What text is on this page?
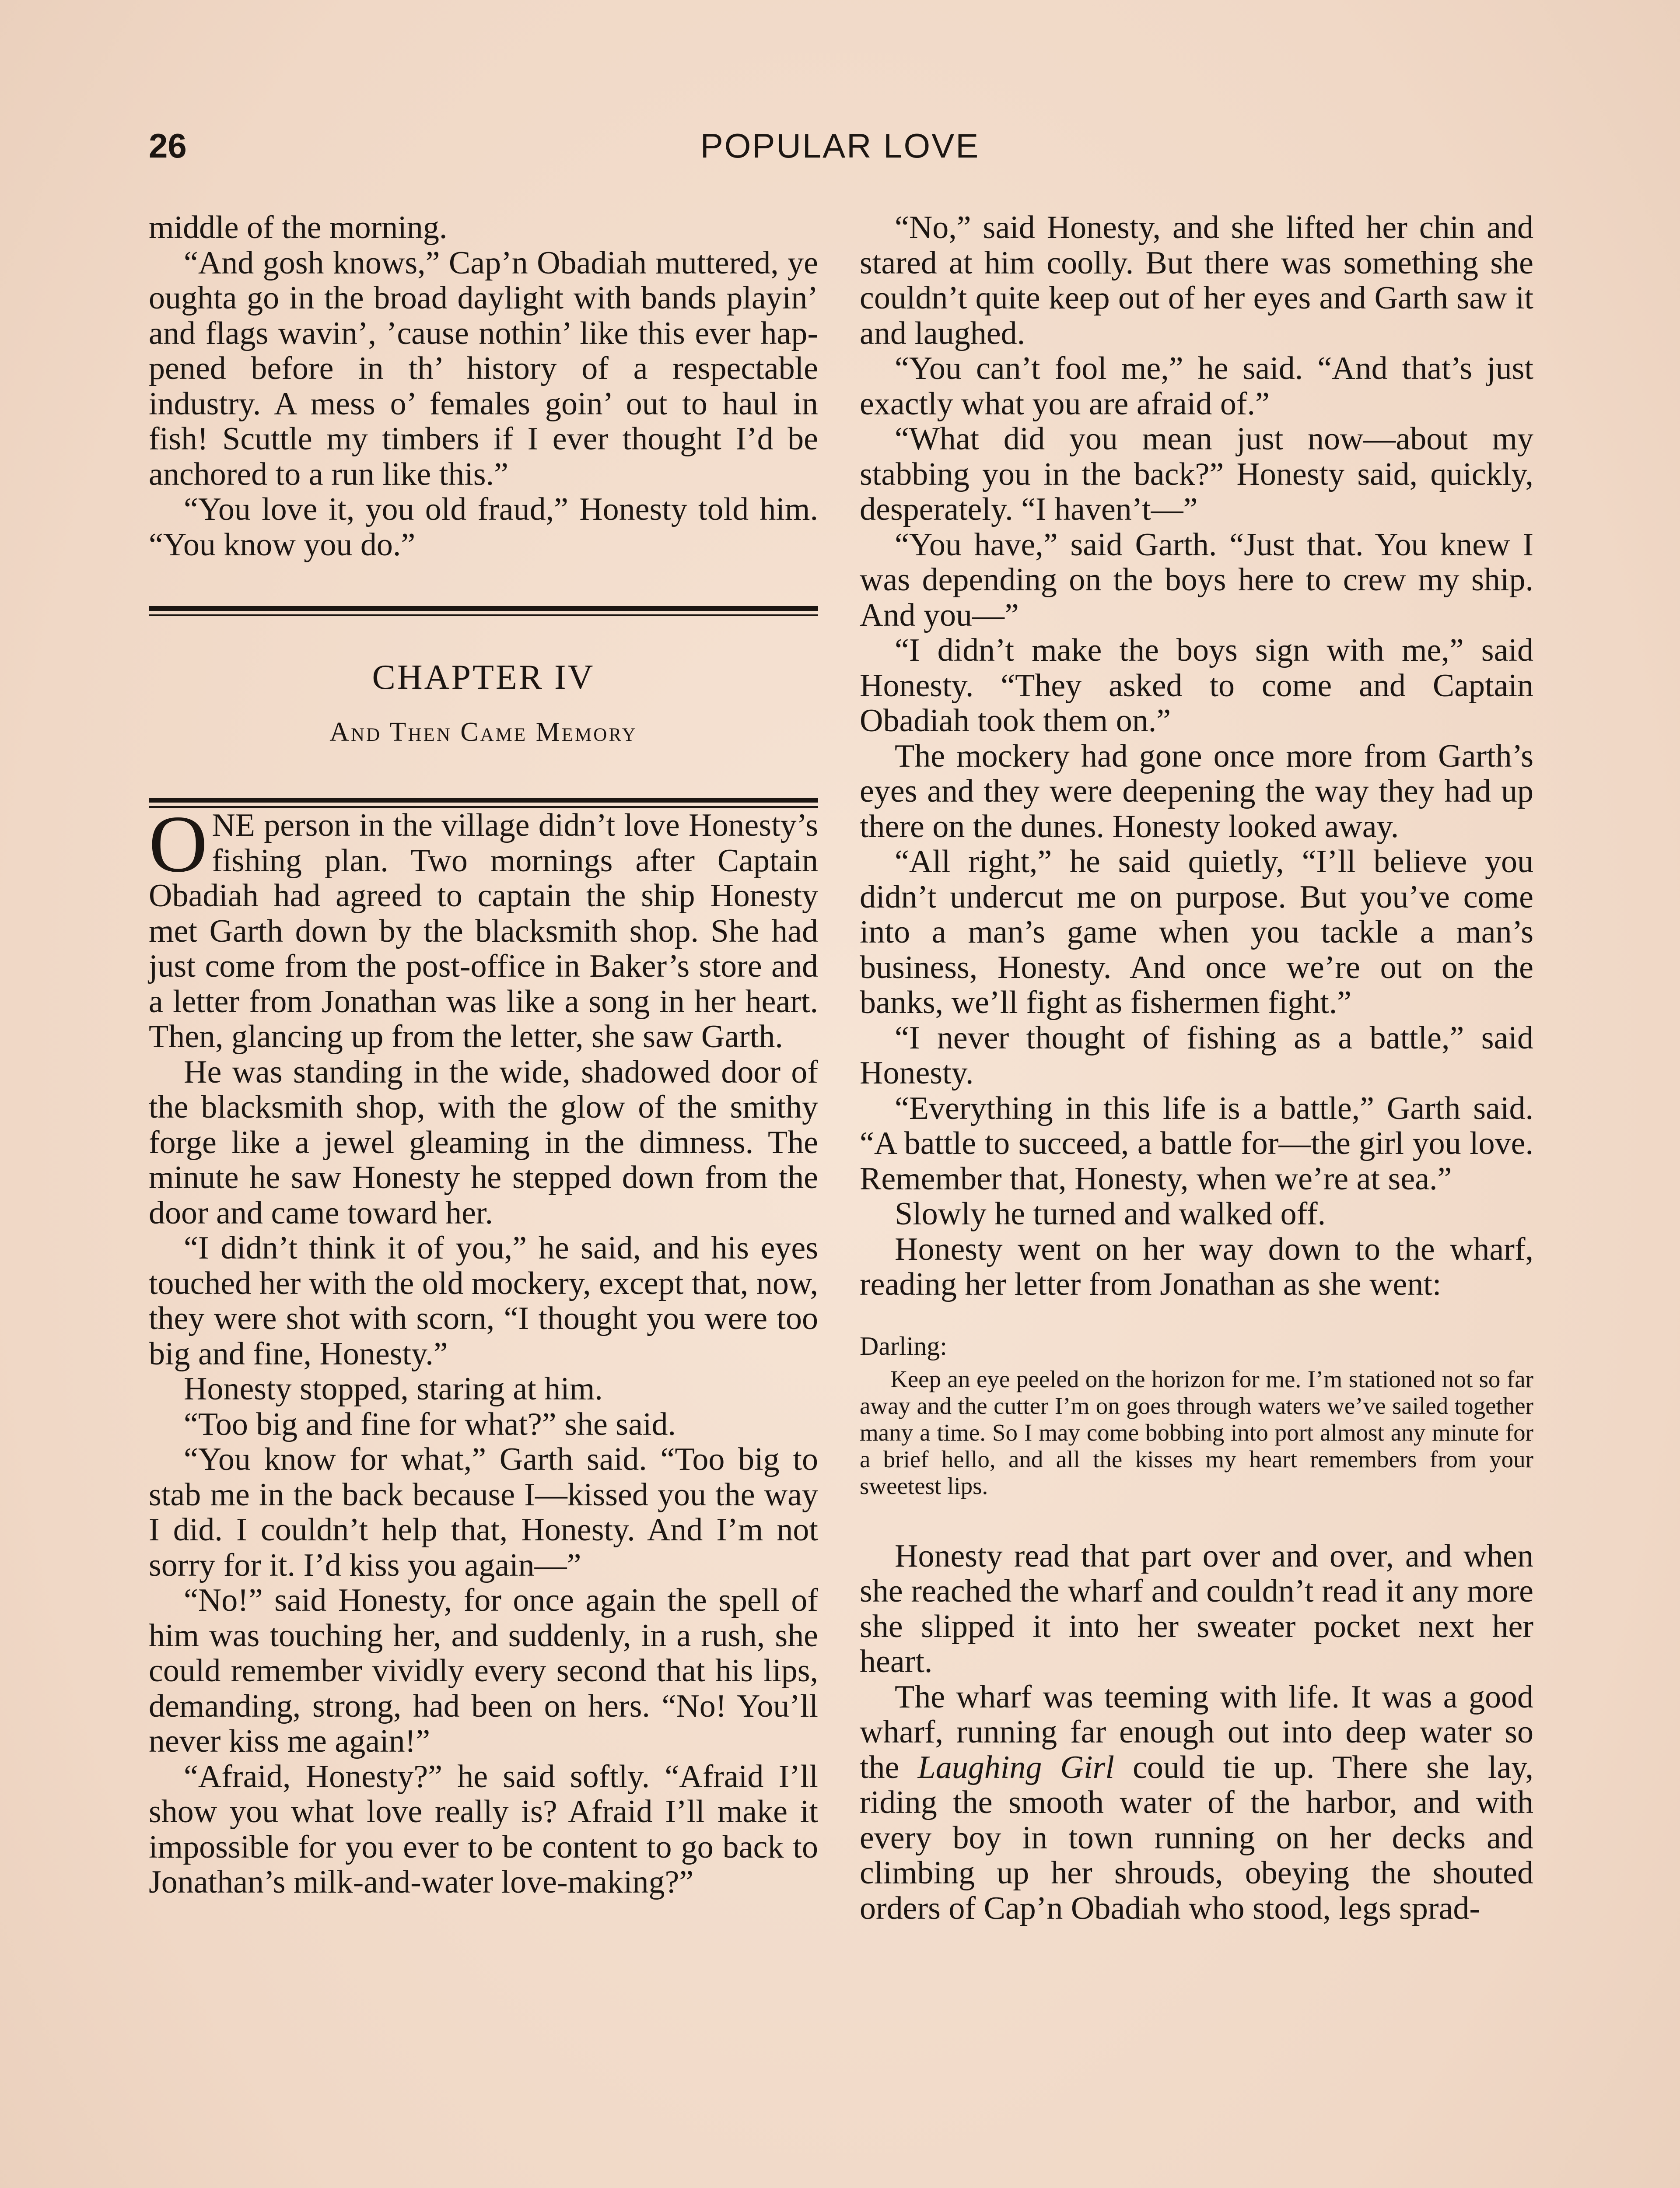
26	POPULAR LOVE

middle of the morning.

“And gosh knows,” Cap’n Obadiah muttered, ye oughta go in the broad daylight with bands playin’ and flags wavin’, ’cause nothin’ like this ever happened before in th’ history of a respectable industry. A mess o’ females goin’ out to haul in fish! Scuttle my timbers if I ever thought I’d be anchored to a run like this.”

“You love it, you old fraud,” Honesty told him. “You know you do.”

CHAPTER IV
And Then Came Memory

ONE person in the village didn’t love Honesty’s fishing plan. Two mornings after Captain Obadiah had agreed to captain the ship Honesty met Garth down by the blacksmith shop. She had just come from the post-office in Baker’s store and a letter from Jonathan was like a song in her heart. Then, glancing up from the letter, she saw Garth.

He was standing in the wide, shadowed door of the blacksmith shop, with the glow of the smithy forge like a jewel gleaming in the dimness. The minute he saw Honesty he stepped down from the door and came toward her.

“I didn’t think it of you,” he said, and his eyes touched her with the old mockery, except that, now, they were shot with scorn, “I thought you were too big and fine, Honesty.”

Honesty stopped, staring at him.

“Too big and fine for what?” she said.

“You know for what,” Garth said. “Too big to stab me in the back because I—kissed you the way I did. I couldn’t help that, Honesty. And I’m not sorry for it. I’d kiss you again—”

“No!” said Honesty, for once again the spell of him was touching her, and suddenly, in a rush, she could remember vividly every second that his lips, demanding, strong, had been on hers. “No! You’ll never kiss me again!”

“Afraid, Honesty?” he said softly. “Afraid I’ll show you what love really is? Afraid I’ll make it impossible for you ever to be content to go back to Jonathan’s milk-and-water love-making?”

“No,” said Honesty, and she lifted her chin and stared at him coolly. But there was something she couldn’t quite keep out of her eyes and Garth saw it and laughed.

“You can’t fool me,” he said. “And that’s just exactly what you are afraid of.”

“What did you mean just now—about my stabbing you in the back?” Honesty said, quickly, desperately. “I haven’t—”

“You have,” said Garth. “Just that. You knew I was depending on the boys here to crew my ship. And you—”

“I didn’t make the boys sign with me,” said Honesty. “They asked to come and Captain Obadiah took them on.”

The mockery had gone once more from Garth’s eyes and they were deepening the way they had up there on the dunes. Honesty looked away.

“All right,” he said quietly, “I’ll believe you didn’t undercut me on purpose. But you’ve come into a man’s game when you tackle a man’s business, Honesty. And once we’re out on the banks, we’ll fight as fishermen fight.”

“I never thought of fishing as a battle,” said Honesty.

“Everything in this life is a battle,” Garth said. “A battle to succeed, a battle for—the girl you love. Remember that, Honesty, when we’re at sea.”

Slowly he turned and walked off.

Honesty went on her way down to the wharf, reading her letter from Jonathan as she went:

Darling:
Keep an eye peeled on the horizon for me. I’m stationed not so far away and the cutter I’m on goes through waters we’ve sailed together many a time. So I may come bobbing into port almost any minute for a brief hello, and all the kisses my heart remembers from your sweetest lips.

Honesty read that part over and over, and when she reached the wharf and couldn’t read it any more she slipped it into her sweater pocket next her heart.

The wharf was teeming with life. It was a good wharf, running far enough out into deep water so the Laughing Girl could tie up. There she lay, riding the smooth water of the harbor, and with every boy in town running on her decks and climbing up her shrouds, obeying the shouted orders of Cap’n Obadiah who stood, legs sprad-
